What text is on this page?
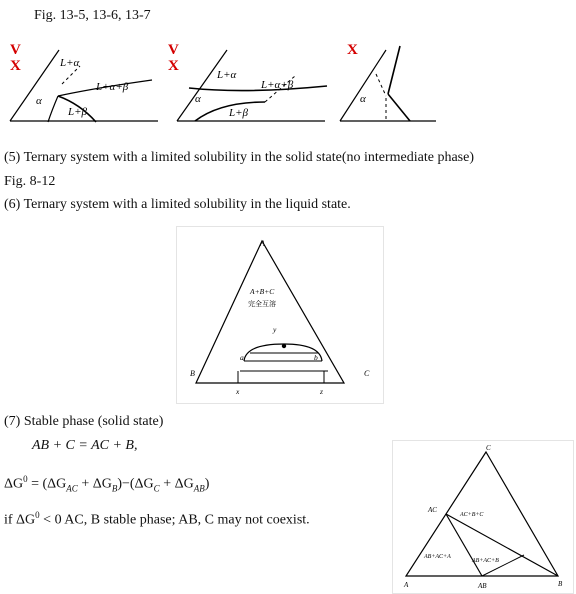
Fig. 13-5, 13-6, 13-7
V
X
V
X
X
L+α
L+α+β
α
L+β
L+α
L+α+β
α
L+β
α
(5) Ternary system with a limited solubility in the solid state(no intermediate phase)
Fig. 8-12
(6) Ternary system with a limited solubility in the liquid state.
A
B	C
A+B+C
完全互溶
y
a	b
x	z
(7) Stable phase (solid state)
AB + C = AC + B,
$\Delta G^0 = (\Delta G_{AC} + \Delta G_B)-(\Delta G_C + \Delta G_{AB})$
if $\Delta G^0 < 0$ AC, B stable phase; AB, C may not coexist.
C
A	B
AC
AB
AC+B+C
AB+AC+A
AB+AC+B
